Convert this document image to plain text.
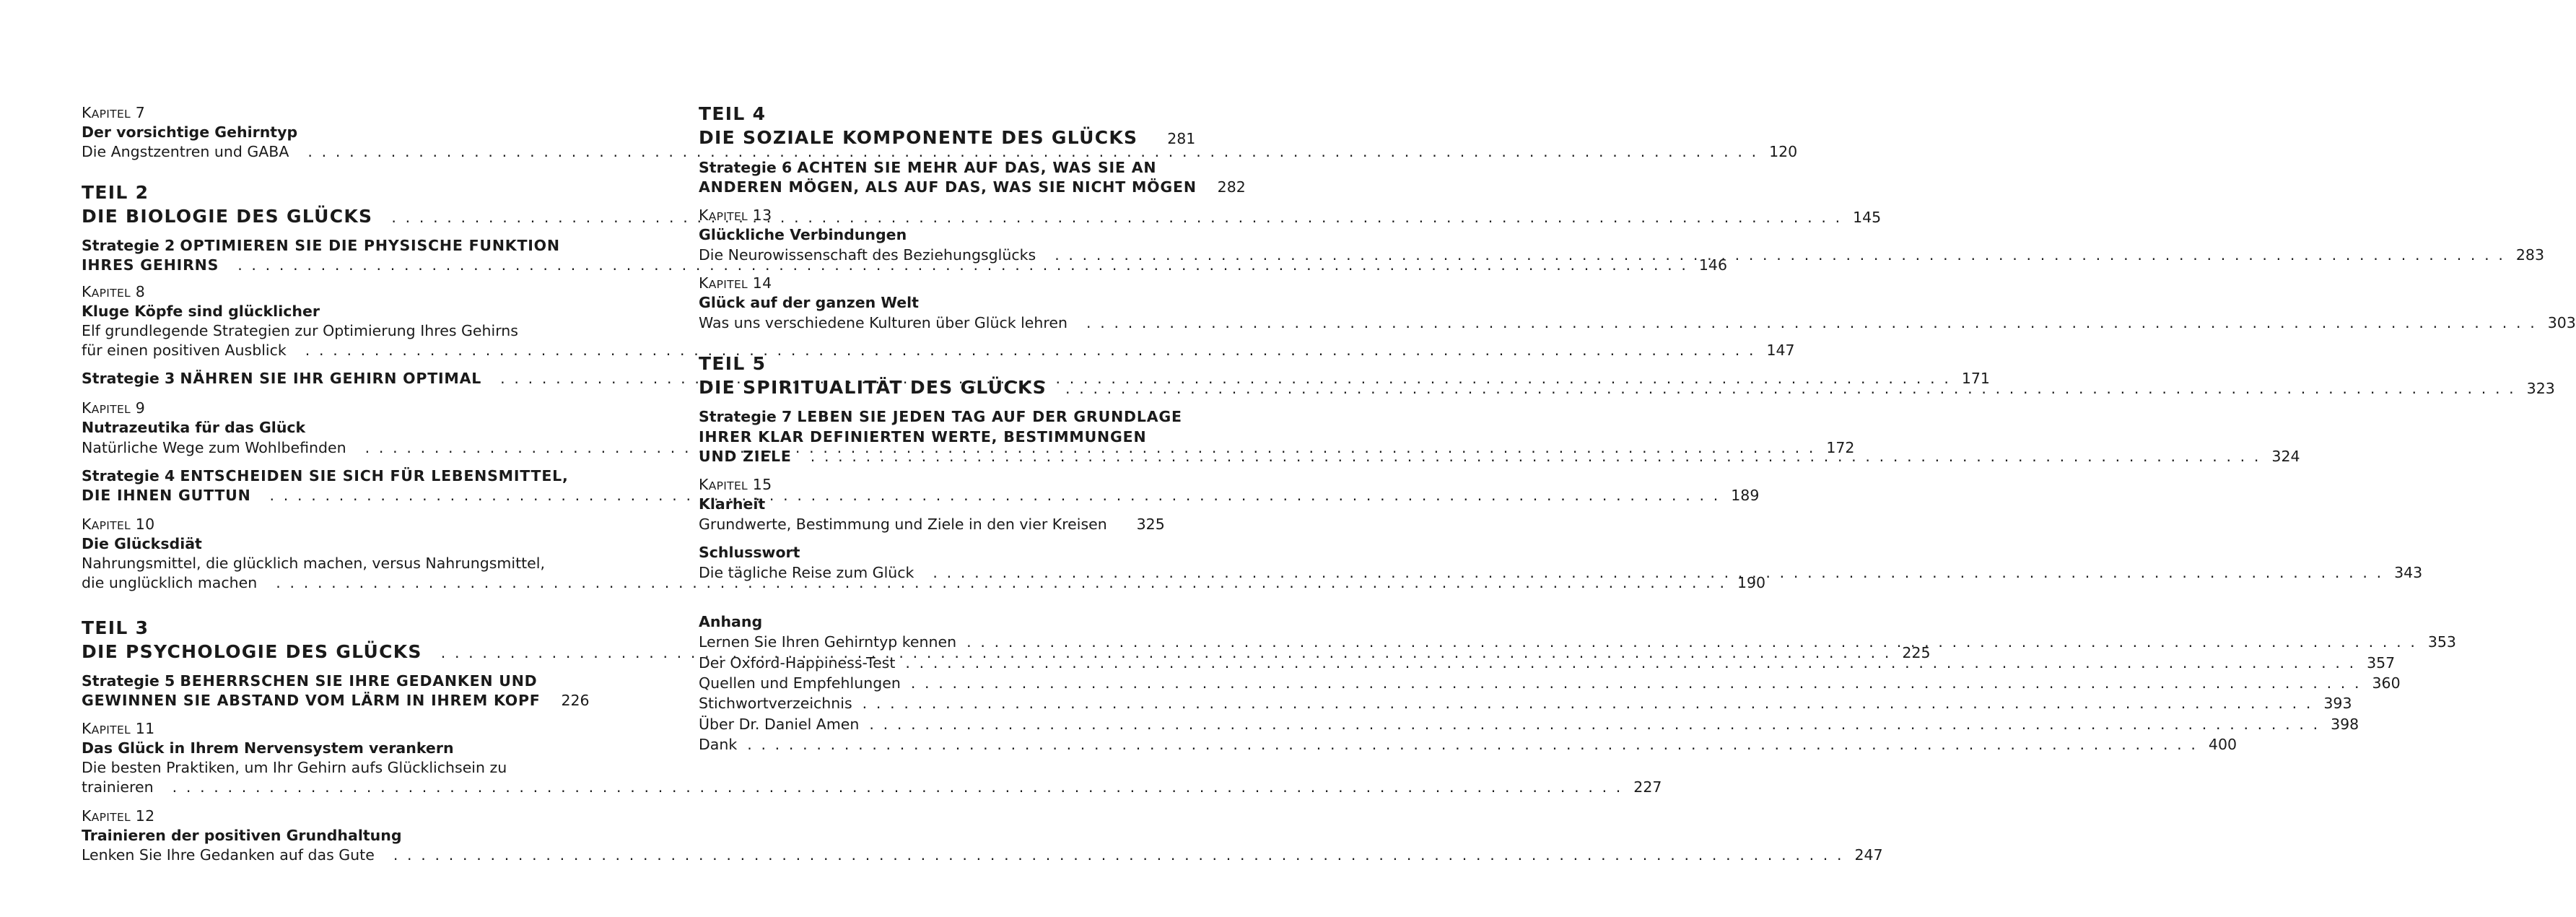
KAPITEL 7
Der vorsichtige Gehirntyp
Die Angstzentren und GABA . . .	120
TEIL 2
DIE BIOLOGIE DES GLÜCKS . . .	145
Strategie 2 OPTIMIEREN SIE DIE PHYSISCHE FUNKTION
IHRES GEHIRNS . . .	146
KAPITEL 8
Kluge Köpfe sind glücklicher
Elf grundlegende Strategien zur Optimierung Ihres Gehirns
für einen positiven Ausblick . . .	147
Strategie 3 NÄHREN SIE IHR GEHIRN OPTIMAL . . .	171
KAPITEL 9
Nutrazeutika für das Glück
Natürliche Wege zum Wohlbefinden . . .	172
Strategie 4 ENTSCHEIDEN SIE SICH FÜR LEBENSMITTEL,
DIE IHNEN GUTTUN . . .	189
KAPITEL 10
Die Glücksdiät
Nahrungsmittel, die glücklich machen, versus Nahrungsmittel,
die unglücklich machen . . .	190
TEIL 3
DIE PSYCHOLOGIE DES GLÜCKS . . .	225
Strategie 5 BEHERRSCHEN SIE IHRE GEDANKEN UND
GEWINNEN SIE ABSTAND VOM LÄRM IN IHREM KOPF 226
KAPITEL 11
Das Glück in Ihrem Nervensystem verankern
Die besten Praktiken, um Ihr Gehirn aufs Glücklichsein zu
trainieren . . .	227
KAPITEL 12
Trainieren der positiven Grundhaltung
Lenken Sie Ihre Gedanken auf das Gute . . .	247
TEIL 4
DIE SOZIALE KOMPONENTE DES GLÜCKS 281
Strategie 6 ACHTEN SIE MEHR AUF DAS, WAS SIE AN
ANDEREN MÖGEN, ALS AUF DAS, WAS SIE NICHT MÖGEN 282
KAPITEL 13
Glückliche Verbindungen
Die Neurowissenschaft des Beziehungsglücks . . .	283
KAPITEL 14
Glück auf der ganzen Welt
Was uns verschiedene Kulturen über Glück lehren . . .	303
TEIL 5
DIE SPIRITUALITÄT DES GLÜCKS . . .	323
Strategie 7 LEBEN SIE JEDEN TAG AUF DER GRUNDLAGE
IHRER KLAR DEFINIERTEN WERTE, BESTIMMUNGEN
UND ZIELE . . .	324
KAPITEL 15
Klarheit
Grundwerte, Bestimmung und Ziele in den vier Kreisen 325
Schlusswort
Die tägliche Reise zum Glück . . .	343
Anhang
Lernen Sie Ihren Gehirntyp kennen . . .	353
Der Oxford-Happiness-Test . . .	357
Quellen und Empfehlungen . . .	360
Stichwortverzeichnis . . .	393
Über Dr. Daniel Amen . . .	398
Dank . . .	400
